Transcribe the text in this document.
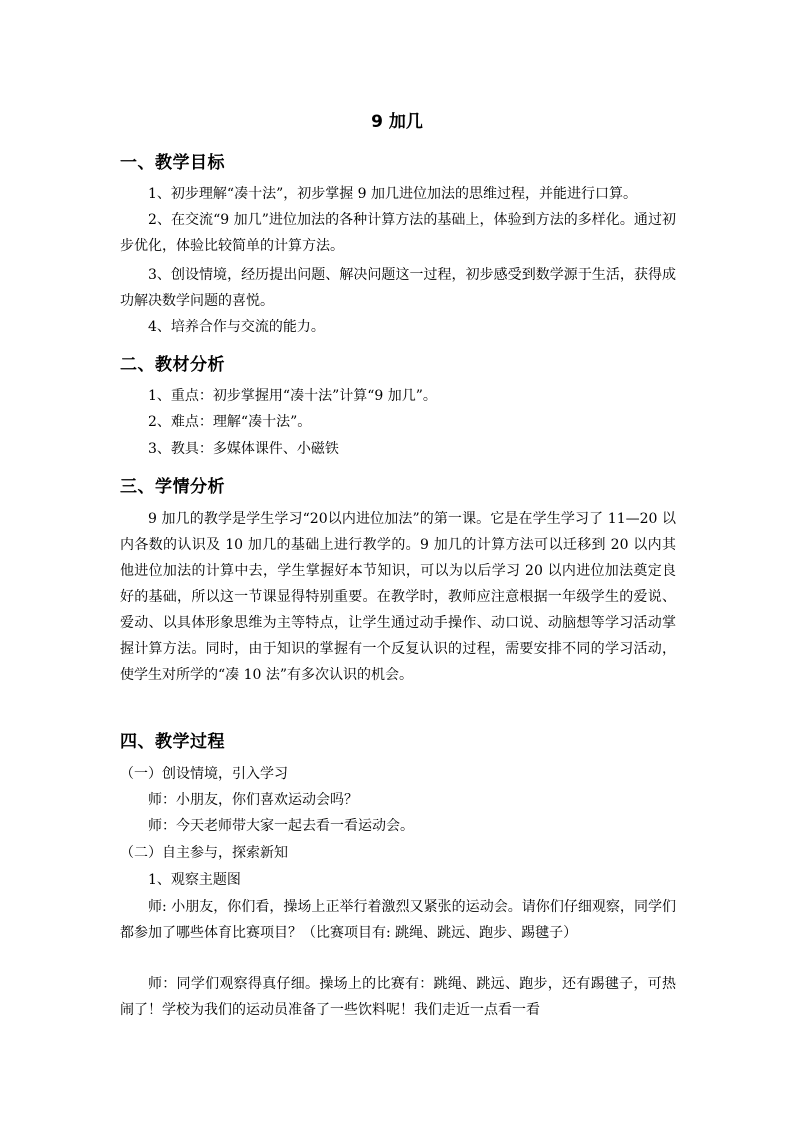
9 加几
一、教学目标
1、初步理解“凑十法”，初步掌握 9 加几进位加法的思维过程，并能进行口算。
2、在交流“9 加几”进位加法的各种计算方法的基础上，体验到方法的多样化。通过初步优化，体验比较简单的计算方法。
3、创设情境，经历提出问题、解决问题这一过程，初步感受到数学源于生活，获得成功解决数学问题的喜悦。
4、培养合作与交流的能力。
二、教材分析
1、重点：初步掌握用“凑十法”计算“9 加几”。
2、难点：理解“凑十法”。
3、教具：多媒体课件、小磁铁
三、学情分析
9 加几的教学是学生学习“20以内进位加法”的第一课。它是在学生学习了 11—20 以内各数的认识及 10 加几的基础上进行教学的。9 加几的计算方法可以迁移到 20 以内其他进位加法的计算中去，学生掌握好本节知识，可以为以后学习 20 以内进位加法奠定良好的基础，所以这一节课显得特别重要。在教学时，教师应注意根据一年级学生的爱说、爱动、以具体形象思维为主等特点，让学生通过动手操作、动口说、动脑想等学习活动掌握计算方法。同时，由于知识的掌握有一个反复认识的过程，需要安排不同的学习活动，使学生对所学的“凑 10 法”有多次认识的机会。
四、教学过程
（一）创设情境，引入学习
师：小朋友，你们喜欢运动会吗？
师：今天老师带大家一起去看一看运动会。
（二）自主参与，探索新知
1、观察主题图
师: 小朋友，你们看，操场上正举行着激烈又紧张的运动会。请你们仔细观察，同学们都参加了哪些体育比赛项目？（比赛项目有: 跳绳、跳远、跑步、踢毽子）
师：同学们观察得真仔细。操场上的比赛有：跳绳、跳远、跑步，还有踢毽子，可热闹了！学校为我们的运动员准备了一些饮料呢！我们走近一点看一看
